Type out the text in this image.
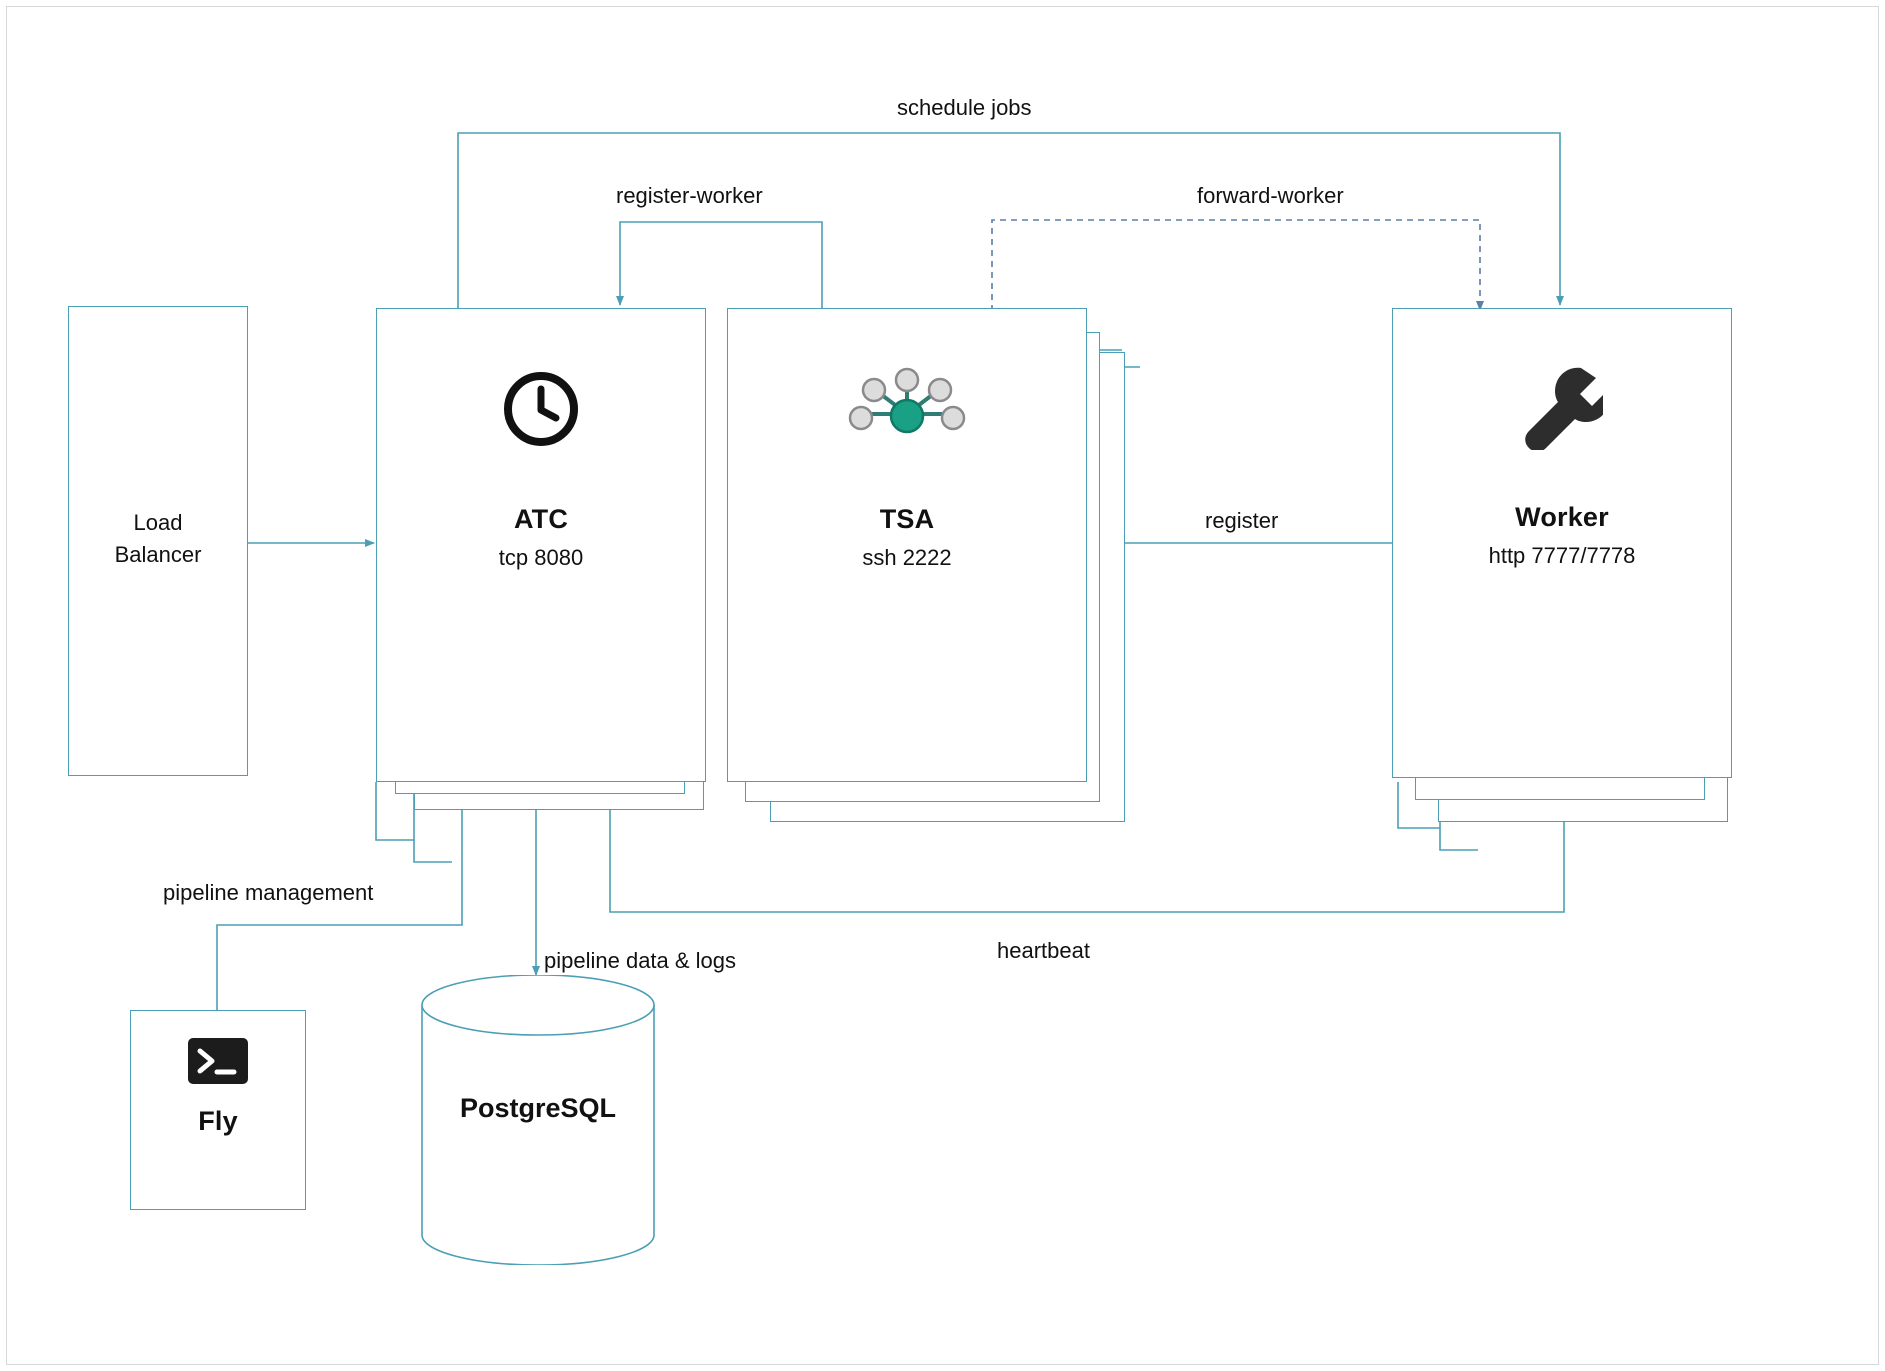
Load
Balancer
ATC
tcp 8080
TSA
ssh 2222
Worker
http 7777/7778
Fly	PostgreSQL
schedule jobs
register-worker	forward-worker
register
pipeline management
pipeline data & logs	heartbeat
